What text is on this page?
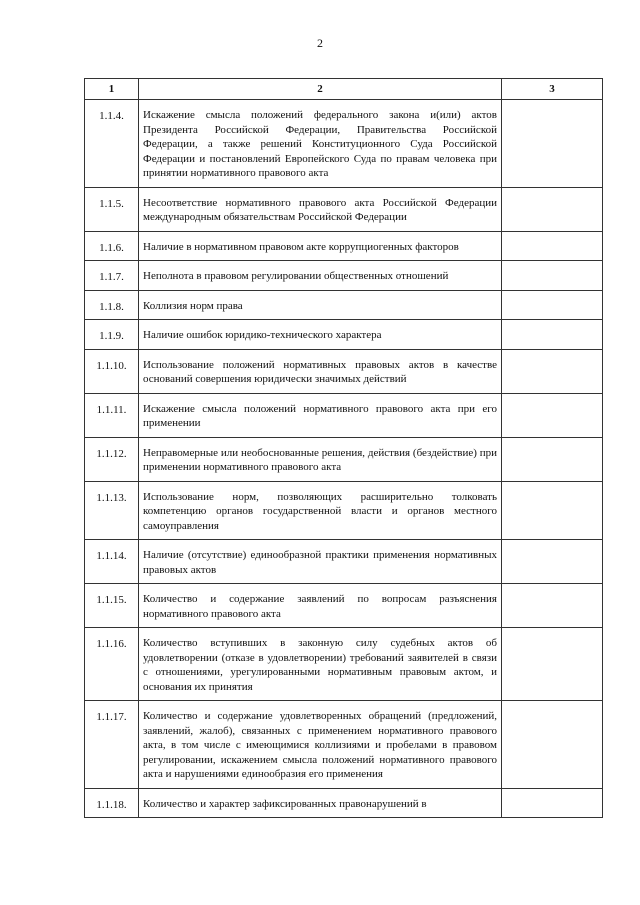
2
1	2	3
1.1.4.	Искажение смысла положений федерального закона и(или) актов Президента Российской Федерации, Правительства Российской Федерации, а также решений Конституционного Суда Российской Федерации и постановлений Европейского Суда по правам человека при принятии нормативного правового акта	
1.1.5.	Несоответствие нормативного правового акта Российской Федерации международным обязательствам Российской Федерации	
1.1.6.	Наличие в нормативном правовом акте коррупциогенных факторов	
1.1.7.	Неполнота в правовом регулировании общественных отношений	
1.1.8.	Коллизия норм права	
1.1.9.	Наличие ошибок юридико-технического характера	
1.1.10.	Использование положений нормативных правовых актов в качестве оснований совершения юридически значимых действий	
1.1.11.	Искажение смысла положений нормативного правового акта при его применении	
1.1.12.	Неправомерные или необоснованные решения, действия (бездействие) при применении нормативного правового акта	
1.1.13.	Использование норм, позволяющих расширительно толковать компетенцию органов государственной власти и органов местного самоуправления	
1.1.14.	Наличие (отсутствие) единообразной практики применения нормативных правовых актов	
1.1.15.	Количество и содержание заявлений по вопросам разъяснения нормативного правового акта	
1.1.16.	Количество вступивших в законную силу судебных актов об удовлетворении (отказе в удовлетворении) требований заявителей в связи с отношениями, урегулированными нормативным правовым актом, и основания их принятия	
1.1.17.	Количество и содержание удовлетворенных обращений (предложений, заявлений, жалоб), связанных с применением нормативного правового акта, в том числе с имеющимися коллизиями и пробелами в правовом регулировании, искажением смысла положений нормативного правового акта и нарушениями единообразия его применения	
1.1.18.	Количество и характер зафиксированных правонарушений в	
